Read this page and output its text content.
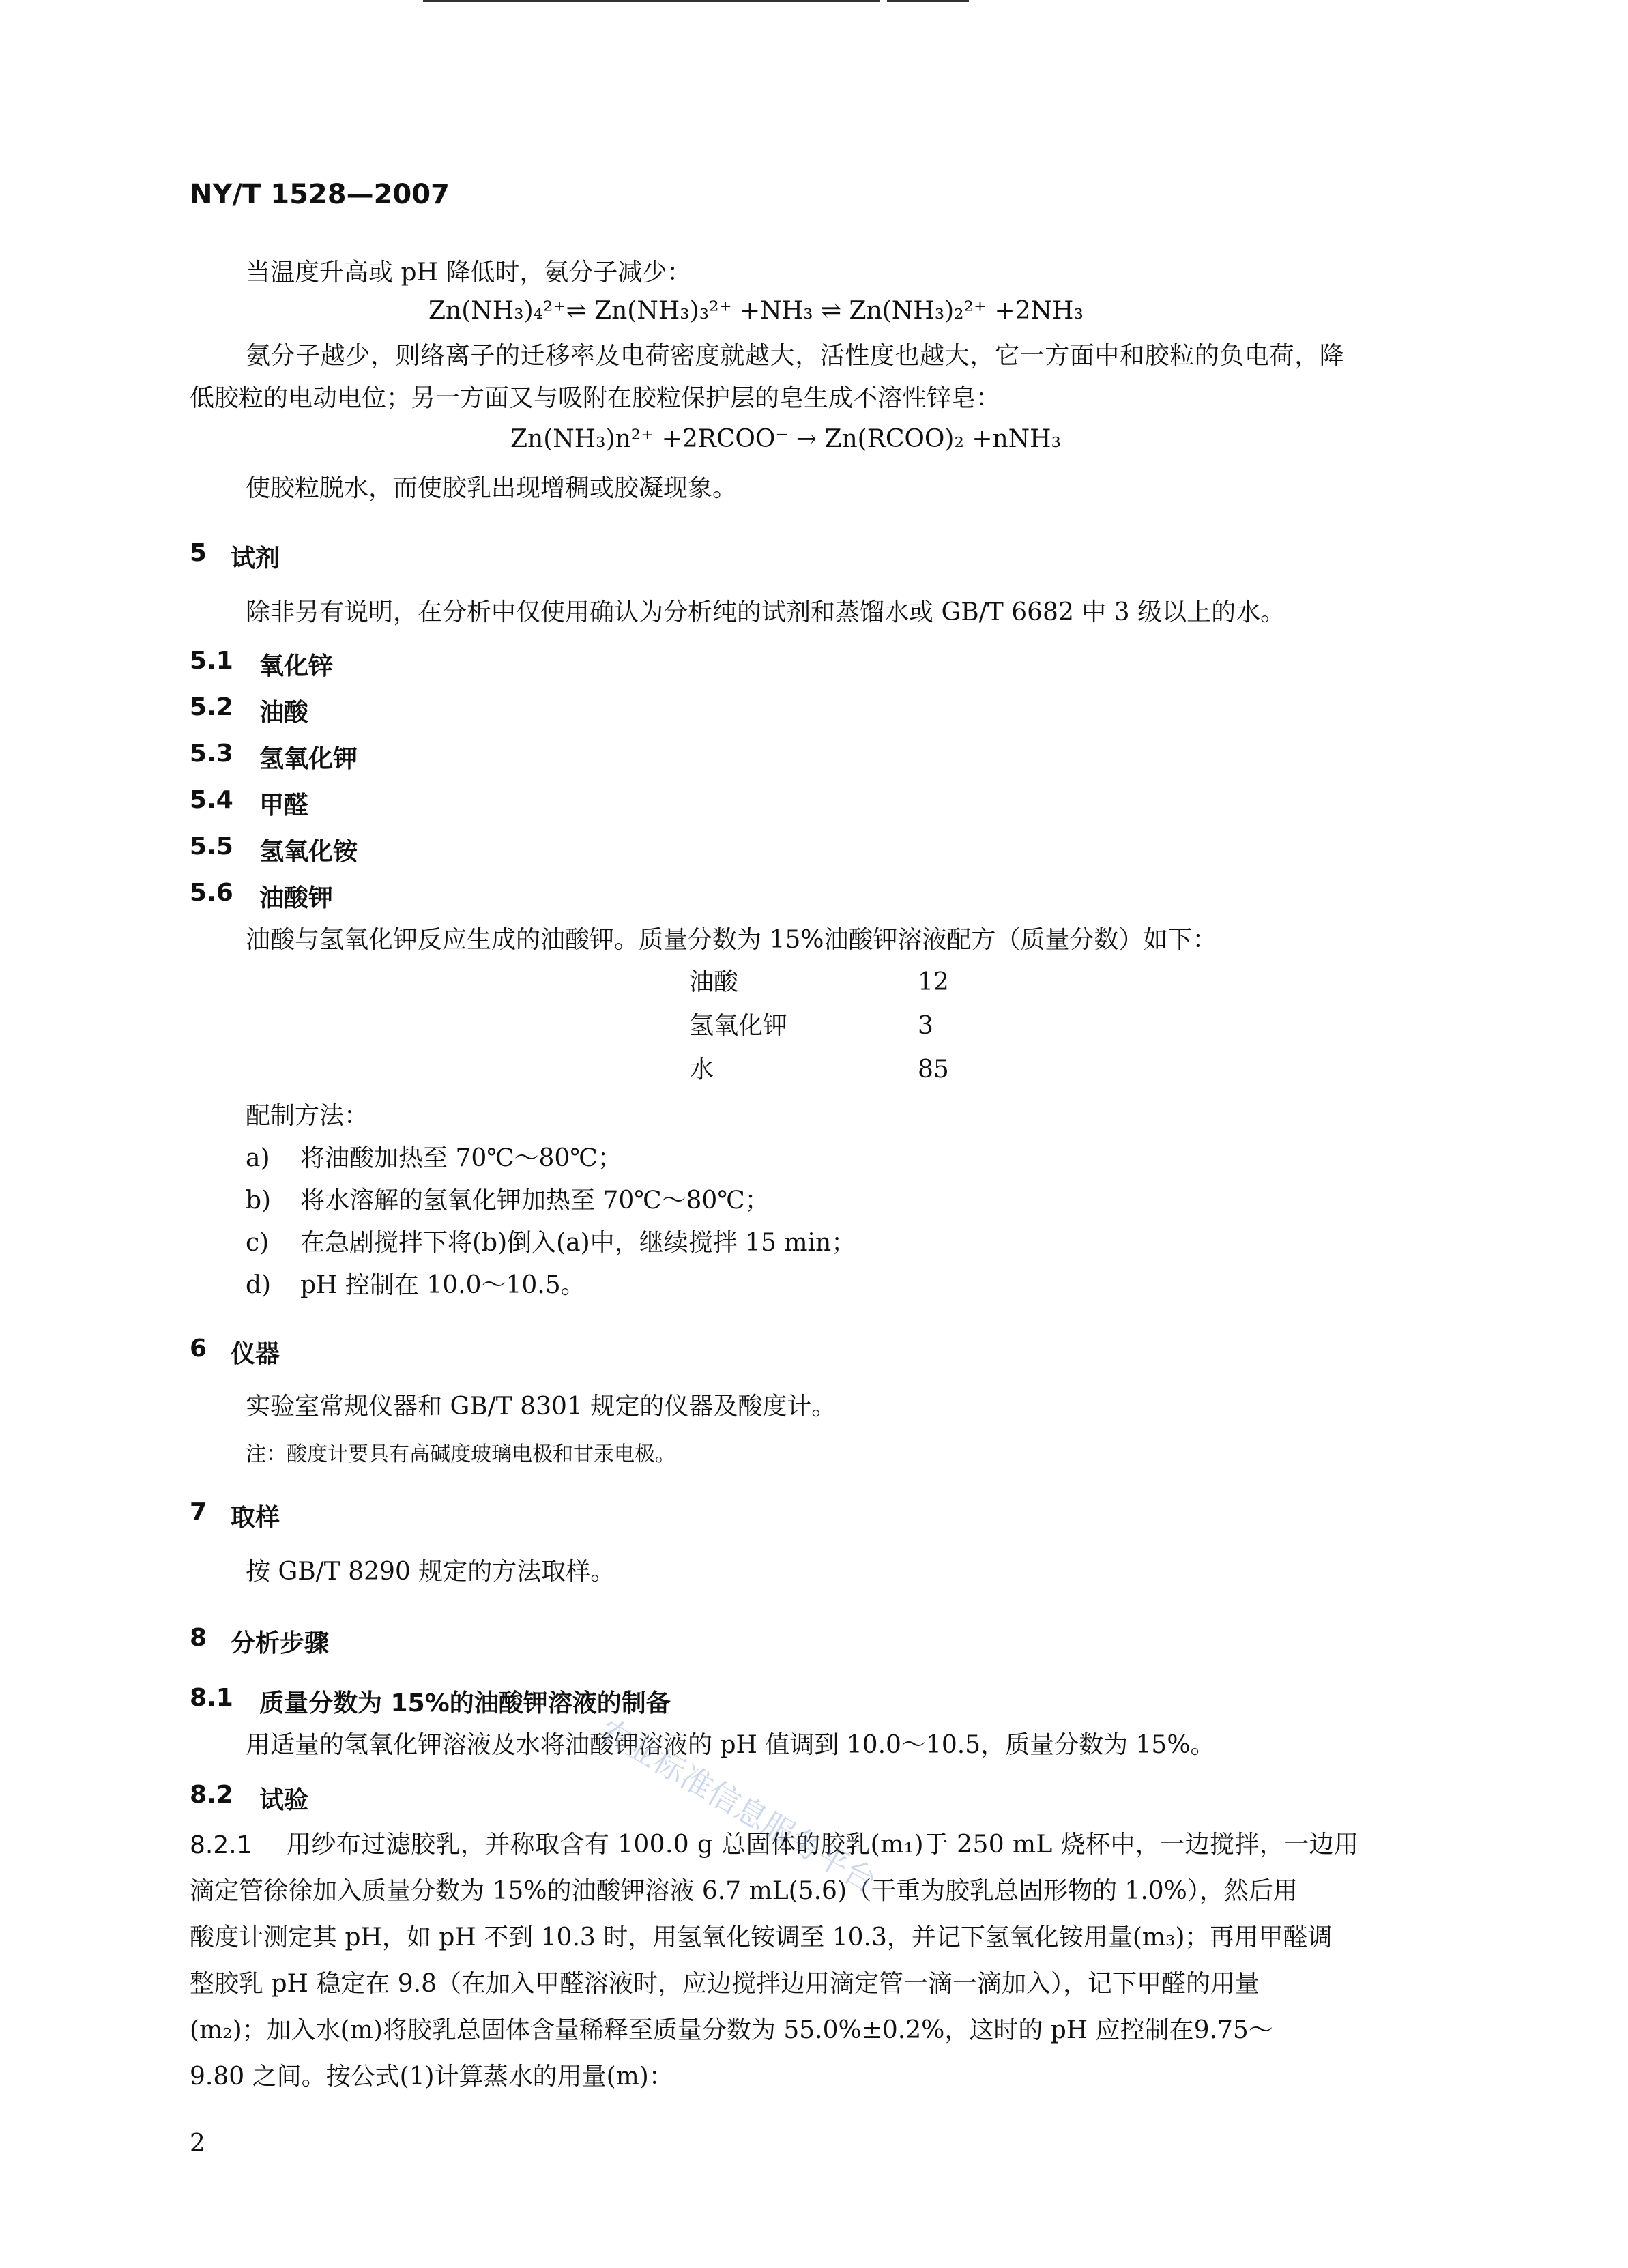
NY/T 1528—2007
当温度升高或 pH 降低时，氨分子减少：
Zn(NH₃)₄²⁺⇌ Zn(NH₃)₃²⁺ +NH₃ ⇌ Zn(NH₃)₂²⁺ +2NH₃
氨分子越少，则络离子的迁移率及电荷密度就越大，活性度也越大，它一方面中和胶粒的负电荷，降
低胶粒的电动电位；另一方面又与吸附在胶粒保护层的皂生成不溶性锌皂：
Zn(NH₃)n²⁺ +2RCOO⁻ → Zn(RCOO)₂ +nNH₃
使胶粒脱水，而使胶乳出现增稠或胶凝现象。
5 试剂
除非另有说明，在分析中仅使用确认为分析纯的试剂和蒸馏水或 GB/T 6682 中 3 级以上的水。
5.1 氧化锌
5.2 油酸
5.3 氢氧化钾
5.4 甲醛
5.5 氢氧化铵
5.6 油酸钾
油酸与氢氧化钾反应生成的油酸钾。质量分数为 15%油酸钾溶液配方（质量分数）如下：
油酸	12
氢氧化钾	3
水	85
配制方法：
a) 将油酸加热至 70℃～80℃；
b) 将水溶解的氢氧化钾加热至 70℃～80℃；
c) 在急剧搅拌下将(b)倒入(a)中，继续搅拌 15 min；
d) pH 控制在 10.0～10.5。
6 仪器
实验室常规仪器和 GB/T 8301 规定的仪器及酸度计。
注：酸度计要具有高碱度玻璃电极和甘汞电极。
7 取样
按 GB/T 8290 规定的方法取样。
8 分析步骤
8.1 质量分数为 15%的油酸钾溶液的制备
用适量的氢氧化钾溶液及水将油酸钾溶液的 pH 值调到 10.0～10.5，质量分数为 15%。
8.2 试验
8.2.1 用纱布过滤胶乳，并称取含有 100.0 g 总固体的胶乳(m₁)于 250 mL 烧杯中，一边搅拌，一边用
滴定管徐徐加入质量分数为 15%的油酸钾溶液 6.7 mL(5.6)（干重为胶乳总固形物的 1.0%），然后用
酸度计测定其 pH，如 pH 不到 10.3 时，用氢氧化铵调至 10.3，并记下氢氧化铵用量(m₃)；再用甲醛调
整胶乳 pH 稳定在 9.8（在加入甲醛溶液时，应边搅拌边用滴定管一滴一滴加入），记下甲醛的用量
(m₂)；加入水(m)将胶乳总固体含量稀释至质量分数为 55.0%±0.2%，这时的 pH 应控制在9.75～
9.80 之间。按公式(1)计算蒸水的用量(m)：
2
农业标准信息服务平台
